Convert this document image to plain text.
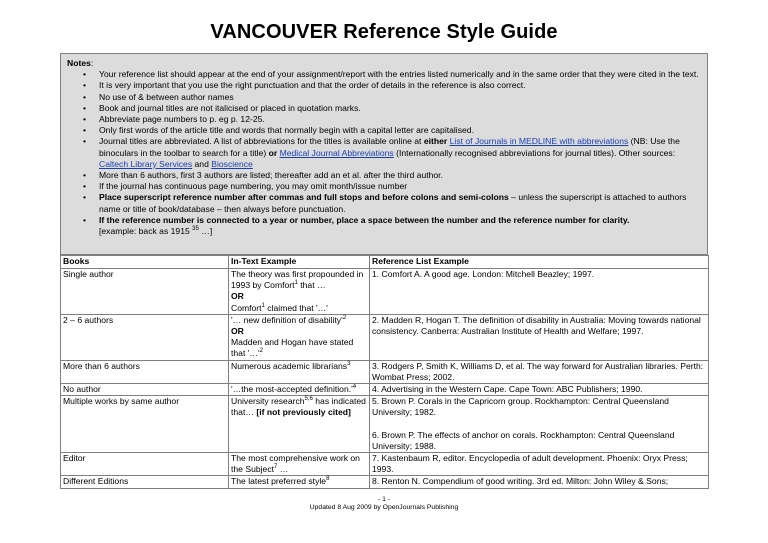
VANCOUVER Reference Style Guide
Notes:
• Your reference list should appear at the end of your assignment/report with the entries listed numerically and in the same order that they were cited in the text.
• It is very important that you use the right punctuation and that the order of details in the reference is also correct.
• No use of & between author names
• Book and journal titles are not italicised or placed in quotation marks.
• Abbreviate page numbers to p. eg p. 12-25.
• Only first words of the article title and words that normally begin with a capital letter are capitalised.
• Journal titles are abbreviated. A list of abbreviations for the titles is available online at either List of Journals in MEDLINE with abbreviations (NB: Use the binoculars in the toolbar to search for a title) or Medical Journal Abbreviations (Internationally recognised abbreviations for journal titles). Other sources: Caltech Library Services and Bioscience
• More than 6 authors, first 3 authors are listed; thereafter add an et al. after the third author.
• If the journal has continuous page numbering, you may omit month/issue number
• Place superscript reference number after commas and full stops and before colons and semi-colons – unless the superscript is attached to authors name or title of book/database – then always before punctuation.
• If the reference number is connected to a year or number, place a space between the number and the reference number for clarity.
[example: back as 1915 $^{35}$ …]
Books	In-Text Example	Reference List Example
Single author	The theory was first propounded in 1993 by Comfort$^1$ that …
OR
Comfort$^1$ claimed that '…'	1. Comfort A. A good age. London: Mitchell Beazley; 1997.
2 – 6 authors	'… new definition of $disability'^2$
OR
Madden and Hogan have stated that '$\dots'^2$	2. Madden R, Hogan T. The definition of disability in Australia: Moving towards national consistency. Canberra: Australian Institute of Health and Welfare; 1997.
More than 6 authors	Numerous academic librarians$^3$	3. Rodgers P, Smith K, Williams D, et al. The way forward for Australian libraries. Perth: Wombat Press; 2002.
No author	'…the most-accepted $definition.'^4$	4. Advertising in the Western Cape. Cape Town: ABC Publishers; 1990.
Multiple works by same author	University research$^{5,6}$ has indicated that… [if not previously cited]	5. Brown P. Corals in the Capricorn group. Rockhampton: Central Queensland University; 1982.
6. Brown P. The effects of anchor on corals. Rockhampton: Central Queensland University; 1988.
Editor	The most comprehensive work on the Subject$^7$ …	7. Kastenbaum R, editor. Encyclopedia of adult development. Phoenix: Oryx Press; 1993.
Different Editions	The latest preferred style$^8$	8. Renton N. Compendium of good writing. 3rd ed. Milton: John Wiley & Sons;
- 1 -
Updated 8 Aug 2009 by OpenJournals Publishing
